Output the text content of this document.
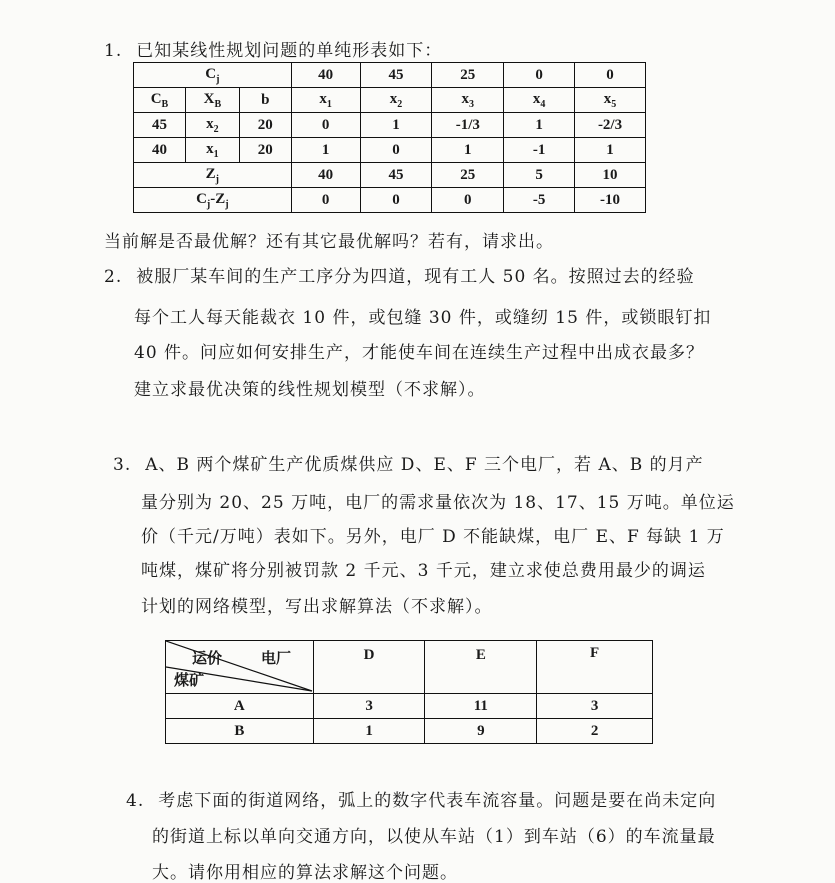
1. 已知某线性规划问题的单纯形表如下：
$C_j$			40	45	25	0	0
$C_B$	$X_B$	b	$x_1$	$x_2$	$x_3$	$x_4$	$x_5$
45	$x_2$	20	0	1	-1/3	1	-2/3
40	$x_1$	20	1	0	1	-1	1
$Z_j$			40	45	25	5	10
$C_j-Z_j$			0	0	0	-5	-10
当前解是否最优解？还有其它最优解吗？若有，请求出。
2. 被服厂某车间的生产工序分为四道，现有工人 50 名。按照过去的经验
每个工人每天能裁衣 10 件，或包缝 30 件，或缝纫 15 件，或锁眼钉扣
40 件。问应如何安排生产，才能使车间在连续生产过程中出成衣最多？
建立求最优决策的线性规划模型（不求解）。
3. A、B 两个煤矿生产优质煤供应 D、E、F 三个电厂，若 A、B 的月产
量分别为 20、25 万吨，电厂的需求量依次为 18、17、15 万吨。单位运
价（千元/万吨）表如下。另外，电厂 D 不能缺煤，电厂 E、F 每缺 1 万
吨煤，煤矿将分别被罚款 2 千元、3 千元，建立求使总费用最少的调运
计划的网络模型，写出求解算法（不求解）。
运价 电厂
煤矿	D	E	F
A	3	11	3
B	1	9	2
4. 考虑下面的街道网络，弧上的数字代表车流容量。问题是要在尚未定向
的街道上标以单向交通方向，以使从车站（1）到车站（6）的车流量最
大。请你用相应的算法求解这个问题。
